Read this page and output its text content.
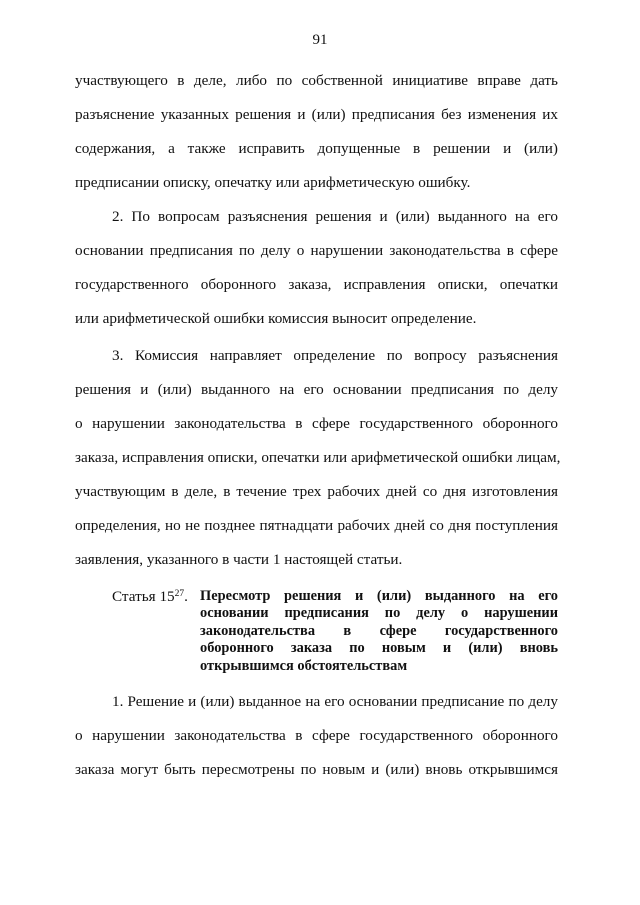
91
участвующего в деле, либо по собственной инициативе вправе дать
разъяснение указанных решения и (или) предписания без изменения их
содержания, а также исправить допущенные в решении и (или)
предписании описку, опечатку или арифметическую ошибку.
2. По вопросам разъяснения решения и (или) выданного на его
основании предписания по делу о нарушении законодательства в сфере
государственного оборонного заказа, исправления описки, опечатки
или арифметической ошибки комиссия выносит определение.
3. Комиссия направляет определение по вопросу разъяснения
решения и (или) выданного на его основании предписания по делу
о нарушении законодательства в сфере государственного оборонного
заказа, исправления описки, опечатки или арифметической ошибки лицам,
участвующим в деле, в течение трех рабочих дней со дня изготовления
определения, но не позднее пятнадцати рабочих дней со дня поступления
заявления, указанного в части 1 настоящей статьи.
Статья $15^{27}$. Пересмотр решения и (или) выданного на его
основании предписания по делу о нарушении
законодательства в сфере государственного
оборонного заказа по новым и (или) вновь
открывшимся обстоятельствам
1. Решение и (или) выданное на его основании предписание по делу
о нарушении законодательства в сфере государственного оборонного
заказа могут быть пересмотрены по новым и (или) вновь открывшимся
